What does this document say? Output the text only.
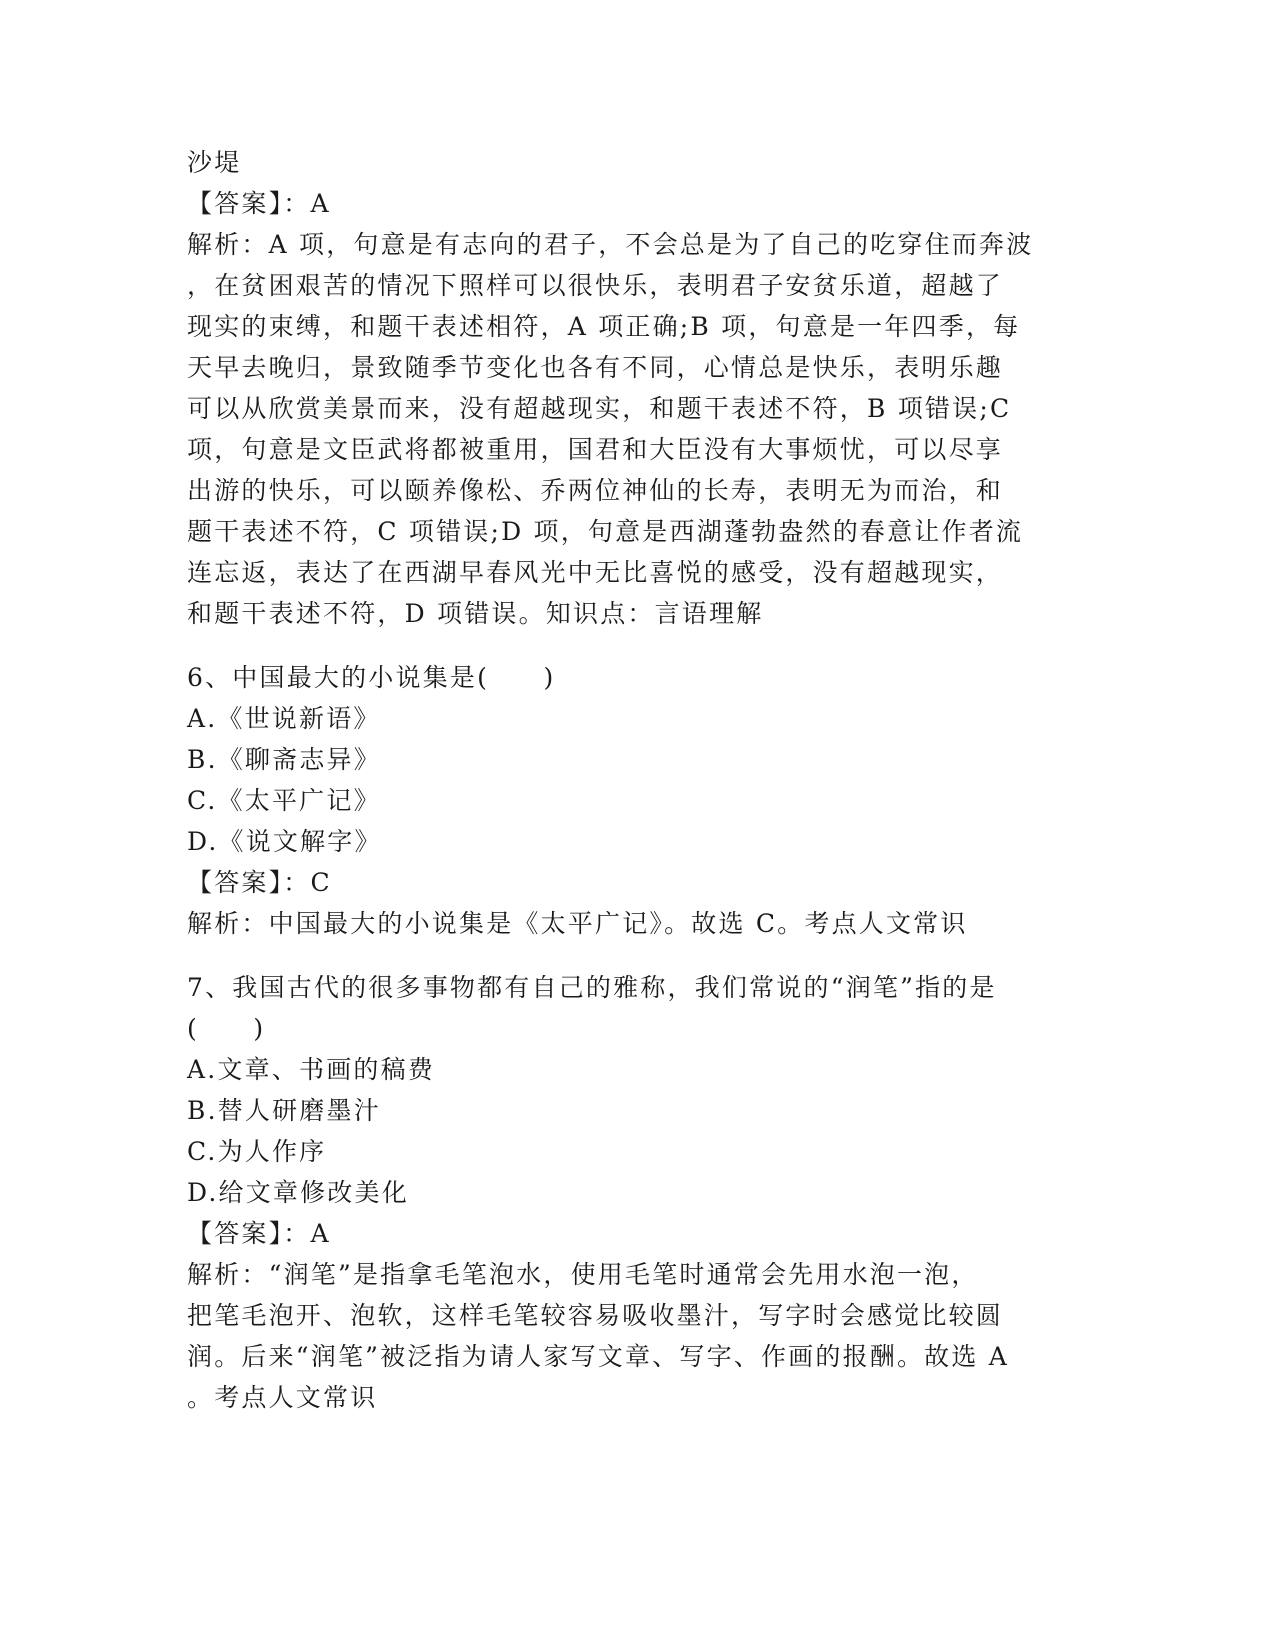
沙堤
【答案】：A
解析：A 项，句意是有志向的君子，不会总是为了自己的吃穿住而奔波
，在贫困艰苦的情况下照样可以很快乐，表明君子安贫乐道，超越了
现实的束缚，和题干表述相符，A 项正确;B 项，句意是一年四季，每
天早去晚归，景致随季节变化也各有不同，心情总是快乐，表明乐趣
可以从欣赏美景而来，没有超越现实，和题干表述不符，B 项错误;C
项，句意是文臣武将都被重用，国君和大臣没有大事烦忧，可以尽享
出游的快乐，可以颐养像松、乔两位神仙的长寿，表明无为而治，和
题干表述不符，C 项错误;D 项，句意是西湖蓬勃盎然的春意让作者流
连忘返，表达了在西湖早春风光中无比喜悦的感受，没有超越现实，
和题干表述不符，D 项错误。知识点：言语理解
6、中国最大的小说集是(　　)
A.《世说新语》
B.《聊斋志异》
C.《太平广记》
D.《说文解字》
【答案】：C
解析：中国最大的小说集是《太平广记》。故选 C。考点人文常识
7、我国古代的很多事物都有自己的雅称，我们常说的“润笔”指的是
(　　)
A.文章、书画的稿费
B.替人研磨墨汁
C.为人作序
D.给文章修改美化
【答案】：A
解析：“润笔”是指拿毛笔泡水，使用毛笔时通常会先用水泡一泡，
把笔毛泡开、泡软，这样毛笔较容易吸收墨汁，写字时会感觉比较圆
润。后来“润笔”被泛指为请人家写文章、写字、作画的报酬。故选 A
。考点人文常识
